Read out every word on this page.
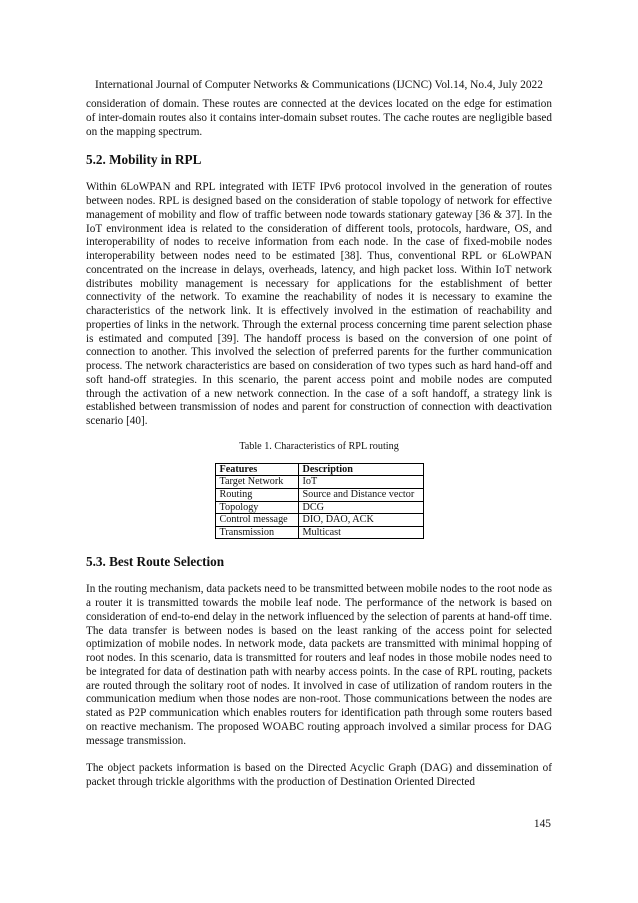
International Journal of Computer Networks & Communications (IJCNC) Vol.14, No.4, July 2022

consideration of domain. These routes are connected at the devices located on the edge for estimation of inter-domain routes also it contains inter-domain subset routes. The cache routes are negligible based on the mapping spectrum.

5.2. Mobility in RPL

Within 6LoWPAN and RPL integrated with IETF IPv6 protocol involved in the generation of routes between nodes. RPL is designed based on the consideration of stable topology of network for effective management of mobility and flow of traffic between node towards stationary gateway [36 & 37]. In the IoT environment idea is related to the consideration of different tools, protocols, hardware, OS, and interoperability of nodes to receive information from each node. In the case of fixed-mobile nodes interoperability between nodes need to be estimated [38]. Thus, conventional RPL or 6LoWPAN concentrated on the increase in delays, overheads, latency, and high packet loss. Within IoT network distributes mobility management is necessary for applications for the establishment of better connectivity of the network. To examine the reachability of nodes it is necessary to examine the characteristics of the network link. It is effectively involved in the estimation of reachability and properties of links in the network. Through the external process concerning time parent selection phase is estimated and computed [39]. The handoff process is based on the conversion of one point of connection to another. This involved the selection of preferred parents for the further communication process. The network characteristics are based on consideration of two types such as hard hand-off and soft hand-off strategies. In this scenario, the parent access point and mobile nodes are computed through the activation of a new network connection. In the case of a soft handoff, a strategy link is established between transmission of nodes and parent for construction of connection with deactivation scenario [40].

Table 1. Characteristics of RPL routing
Features	Description
Target Network	IoT
Routing	Source and Distance vector
Topology	DCG
Control message	DIO, DAO, ACK
Transmission	Multicast
5.3. Best Route Selection

In the routing mechanism, data packets need to be transmitted between mobile nodes to the root node as a router it is transmitted towards the mobile leaf node. The performance of the network is based on consideration of end-to-end delay in the network influenced by the selection of parents at hand-off time. The data transfer is between nodes is based on the least ranking of the access point for selected optimization of mobile nodes. In network mode, data packets are transmitted with minimal hopping of root nodes. In this scenario, data is transmitted for routers and leaf nodes in those mobile nodes need to be integrated for data of destination path with nearby access points. In the case of RPL routing, packets are routed through the solitary root of nodes. It involved in case of utilization of random routers in the communication medium when those nodes are non-root. Those communications between the nodes are stated as P2P communication which enables routers for identification path through some routers based on reactive mechanism. The proposed WOABC routing approach involved a similar process for DAG message transmission.

The object packets information is based on the Directed Acyclic Graph (DAG) and dissemination of packet through trickle algorithms with the production of Destination Oriented Directed

145
